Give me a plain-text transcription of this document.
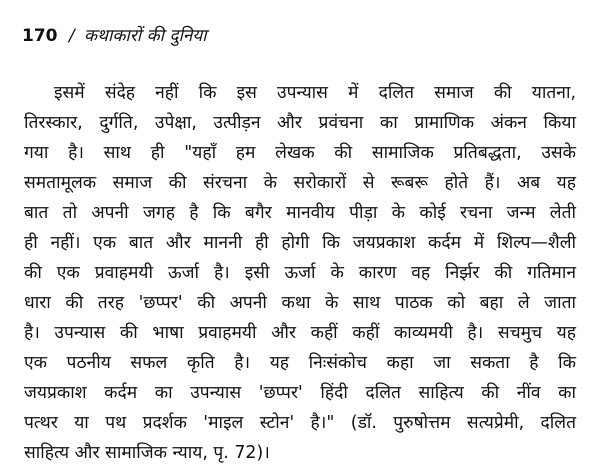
170 / कथाकारों की दुनिया
इसमें संदेह नहीं कि इस उपन्यास में दलित समाज की यातना,
तिरस्कार, दुर्गति, उपेक्षा, उत्पीड़न और प्रवंचना का प्रामाणिक अंकन किया
गया है। साथ ही "यहाँ हम लेखक की सामाजिक प्रतिबद्धता, उसके
समतामूलक समाज की संरचना के सरोकारों से रूबरू होते हैं। अब यह
बात तो अपनी जगह है कि बगैर मानवीय पीड़ा के कोई रचना जन्म लेती
ही नहीं। एक बात और माननी ही होगी कि जयप्रकाश कर्दम में शिल्प—शैली
की एक प्रवाहमयी ऊर्जा है। इसी ऊर्जा के कारण वह निर्झर की गतिमान
धारा की तरह 'छप्पर' की अपनी कथा के साथ पाठक को बहा ले जाता
है। उपन्यास की भाषा प्रवाहमयी और कहीं कहीं काव्यमयी है। सचमुच यह
एक पठनीय सफल कृति है। यह निःसंकोच कहा जा सकता है कि
जयप्रकाश कर्दम का उपन्यास 'छप्पर' हिंदी दलित साहित्य की नींव का
पत्थर या पथ प्रदर्शक 'माइल स्टोन' है।" (डॉ. पुरुषोत्तम सत्यप्रेमी, दलित
साहित्य और सामाजिक न्याय, पृ. 72)।
